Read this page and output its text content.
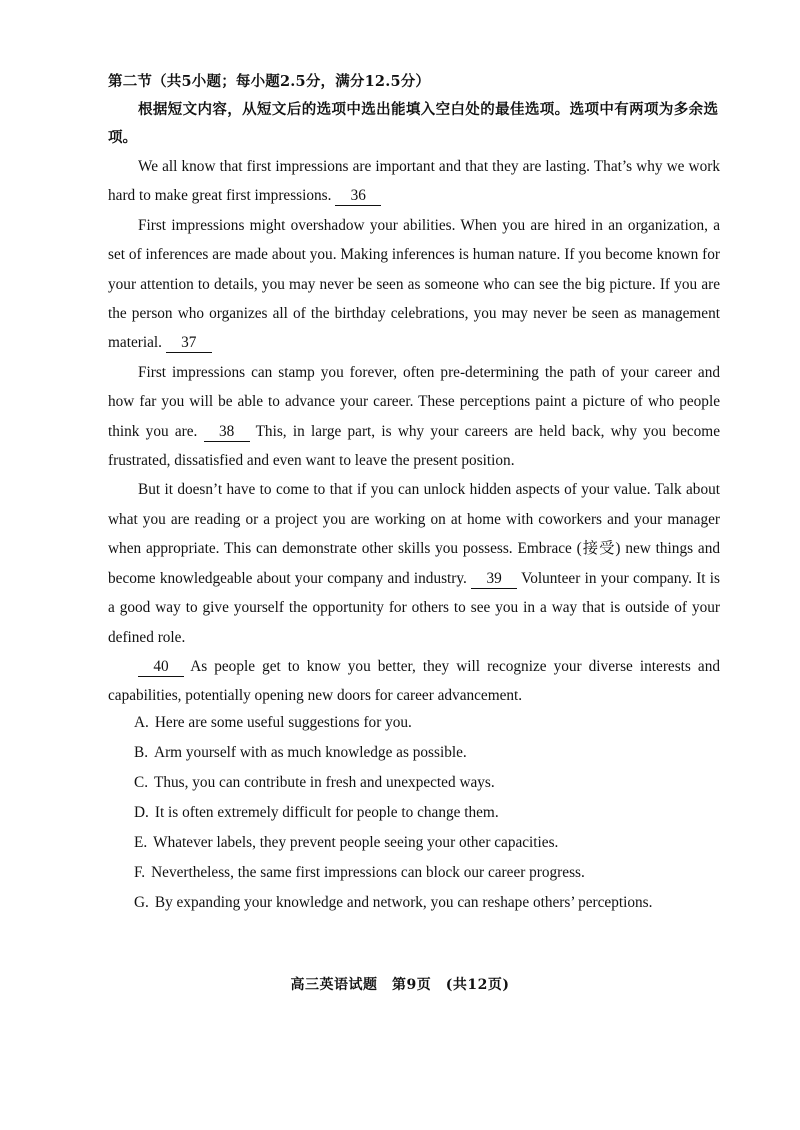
第二节（共5小题；每小题2.5分，满分12.5分）
根据短文内容，从短文后的选项中选出能填入空白处的最佳选项。选项中有两项为多余选项。

We all know that first impressions are important and that they are lasting. That’s why we work hard to make great first impressions. 36

First impressions might overshadow your abilities. When you are hired in an organization, a set of inferences are made about you. Making inferences is human nature. If you become known for your attention to details, you may never be seen as someone who can see the big picture. If you are the person who organizes all of the birthday celebrations, you may never be seen as management material. 37

First impressions can stamp you forever, often pre-determining the path of your career and how far you will be able to advance your career. These perceptions paint a picture of who people think you are. 38 This, in large part, is why your careers are held back, why you become frustrated, dissatisfied and even want to leave the present position.

But it doesn’t have to come to that if you can unlock hidden aspects of your value. Talk about what you are reading or a project you are working on at home with coworkers and your manager when appropriate. This can demonstrate other skills you possess. Embrace (接受) new things and become knowledgeable about your company and industry. 39 Volunteer in your company. It is a good way to give yourself the opportunity for others to see you in a way that is outside of your defined role.

40 As people get to know you better, they will recognize your diverse interests and capabilities, potentially opening new doors for career advancement.

A. Here are some useful suggestions for you.
B. Arm yourself with as much knowledge as possible.
C. Thus, you can contribute in fresh and unexpected ways.
D. It is often extremely difficult for people to change them.
E. Whatever labels, they prevent people seeing your other capacities.
F. Nevertheless, the same first impressions can block our career progress.
G. By expanding your knowledge and network, you can reshape others’ perceptions.
高三英语试题　第9页　(共12页)
